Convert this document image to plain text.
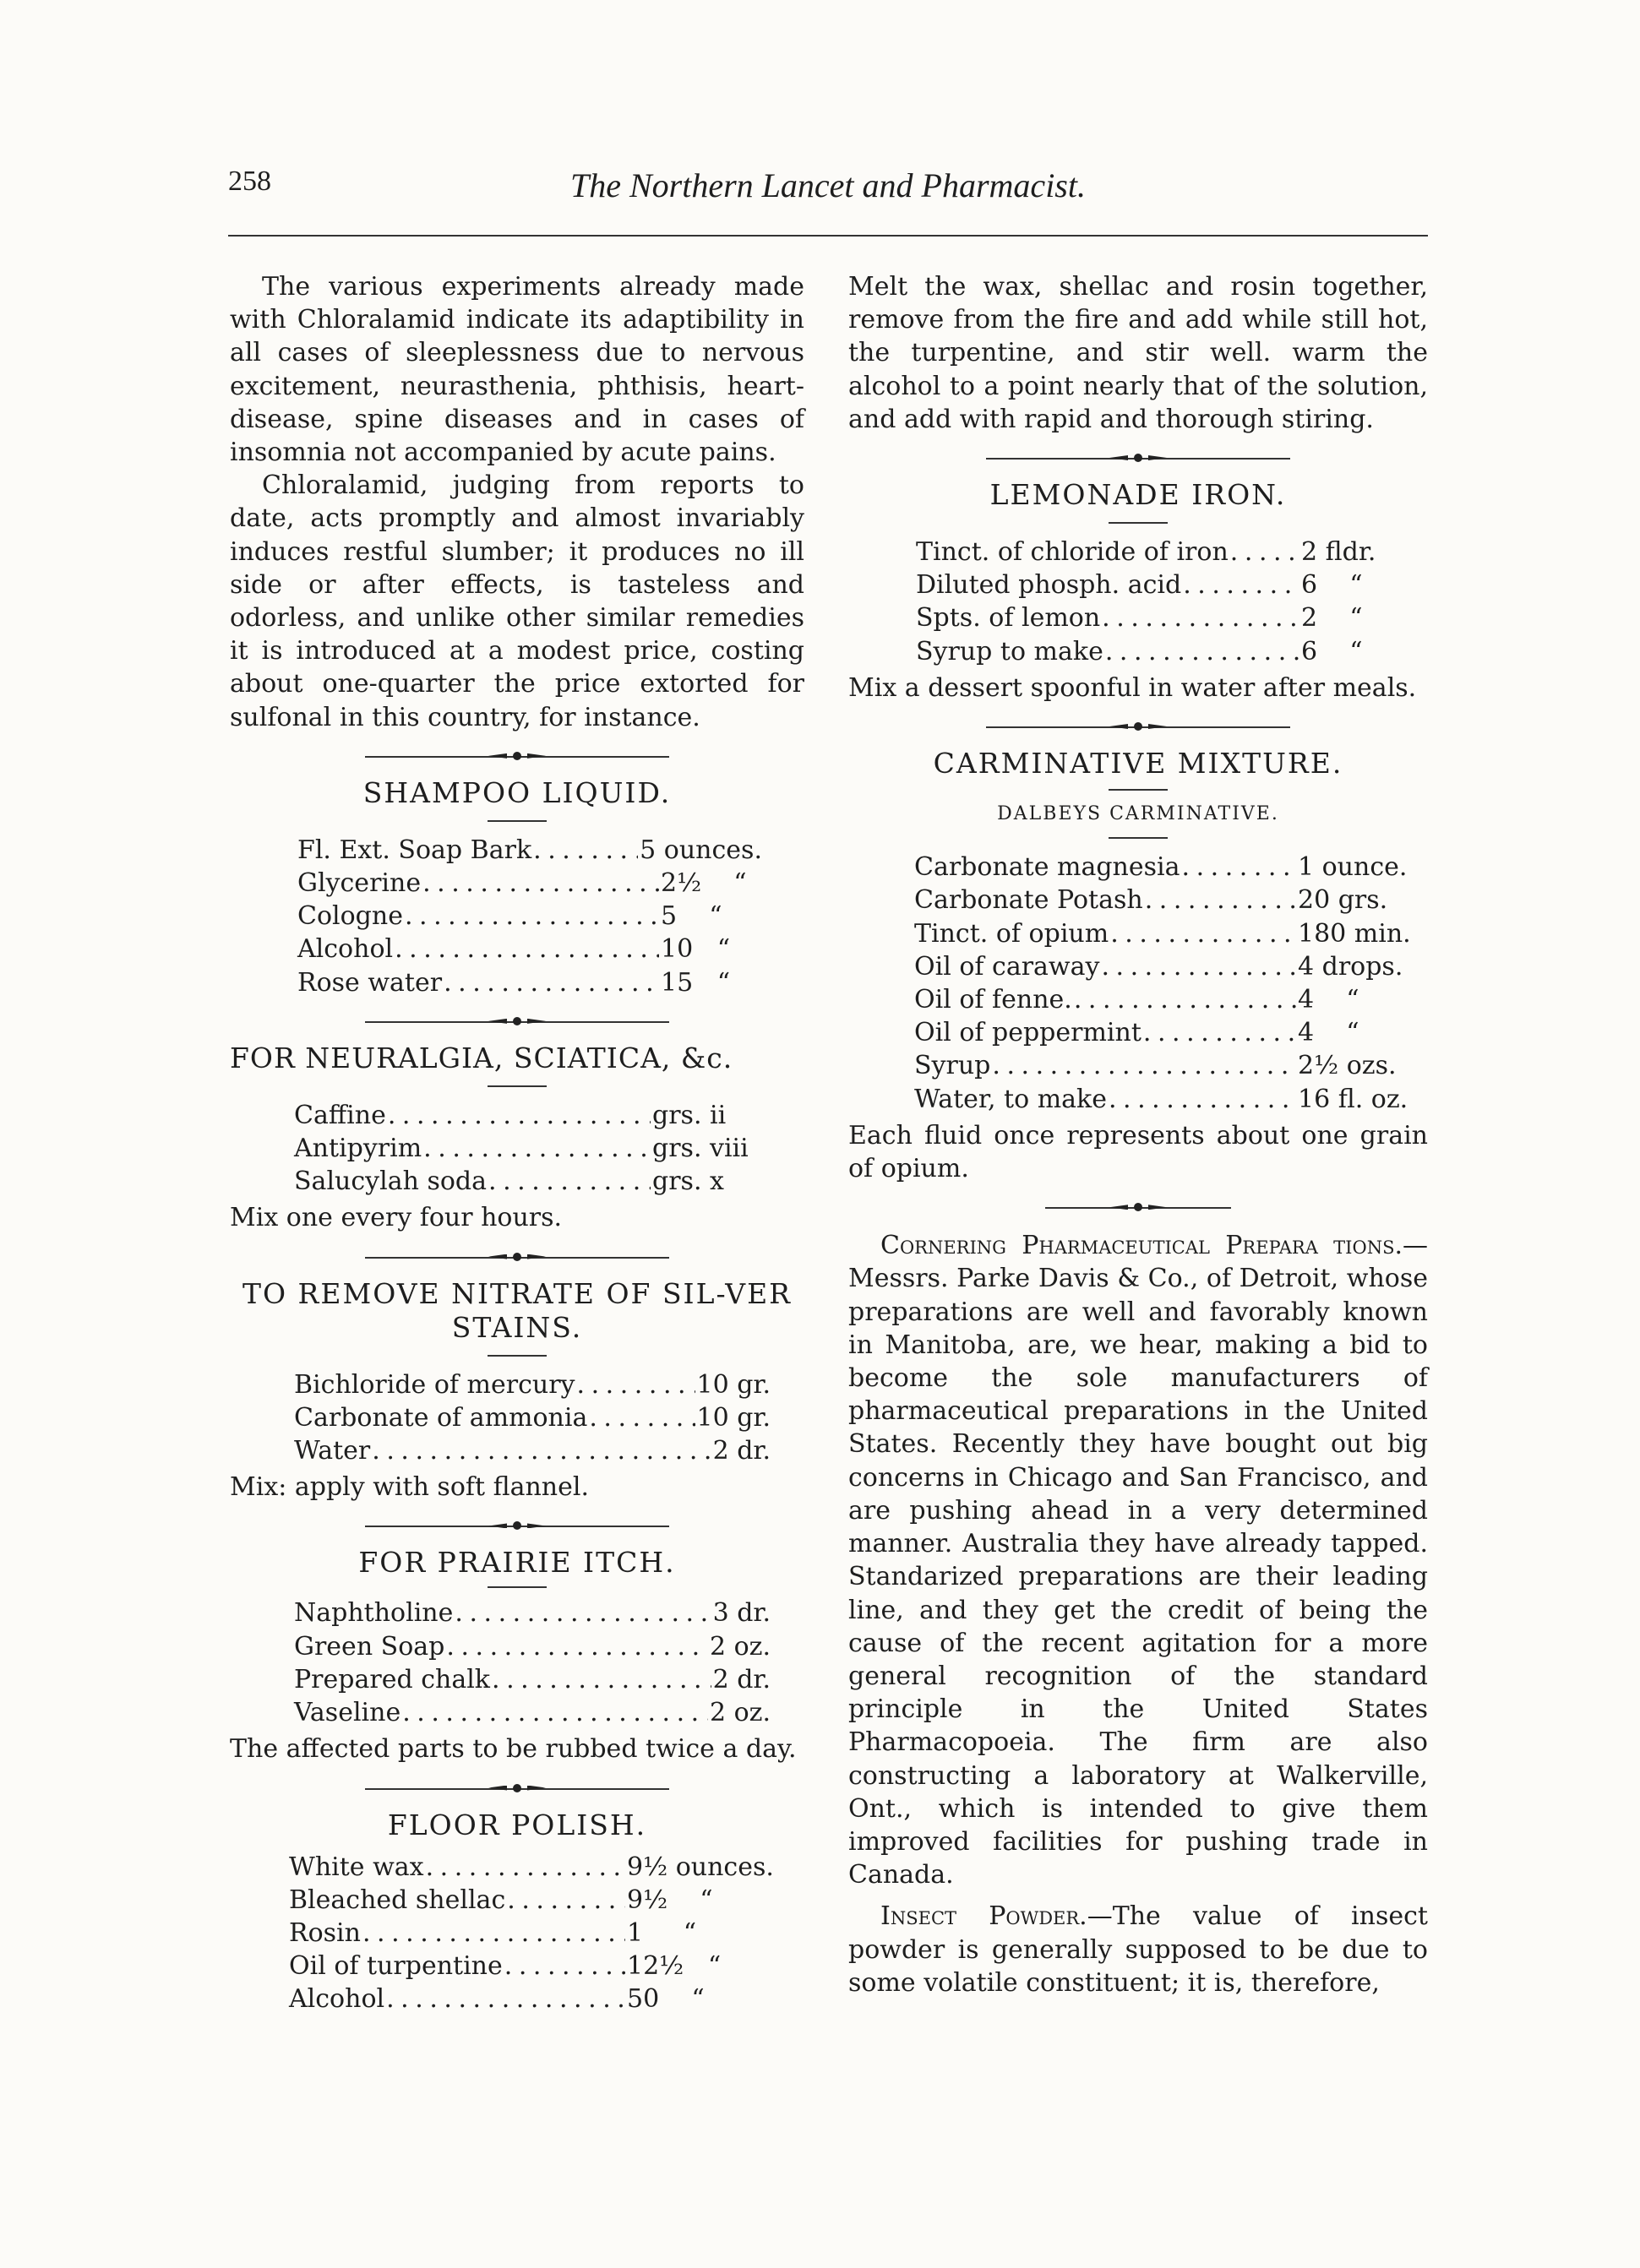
258	The Northern Lancet and Pharmacist.

The various experiments already made with Chloralamid indicate its adaptibility in all cases of sleeplessness due to nervous excitement, neurasthenia, phthisis, heart-disease, spine diseases and in cases of insomnia not accompanied by acute pains.

Chloralamid, judging from reports to date, acts promptly and almost invariably induces restful slumber; it produces no ill side or after effects, is tasteless and odorless, and unlike other similar remedies it is introduced at a modest price, costing about one-quarter the price extorted for sulfonal in this country, for instance.

SHAMPOO LIQUID.
Fl. Ext. Soap Bark . . .	5 ounces.
Glycerine . . .	2½    “
Cologne . . .	5    “
Alcohol . . .	10   “
Rose water . . .	15   “
FOR NEURALGIA, SCIATICA, &c.
Caffine . . .	grs. ii
Antipyrim . . .	grs. viii
Salucylah soda . . .	grs. x

Mix one every four hours.

TO REMOVE NITRATE OF SIL-VER STAINS.
Bichloride of mercury . . .	10 gr.
Carbonate of ammonia . . .	10 gr.
Water . . .	2 dr.

Mix: apply with soft flannel.

FOR PRAIRIE ITCH.
Naphtholine . . .	3 dr.
Green Soap . . .	2 oz.
Prepared chalk . . .	2 dr.
Vaseline . . .	2 oz.

The affected parts to be rubbed twice a day.

FLOOR POLISH.
White wax . . .	9½ ounces.
Bleached shellac . . .	9½    “
Rosin . . .	1     “
Oil of turpentine . . .	12½   “
Alcohol . . .	50    “

Melt the wax, shellac and rosin together, remove from the fire and add while still hot, the turpentine, and stir well. warm the alcohol to a point nearly that of the solution, and add with rapid and thorough stiring.

LEMONADE IRON.
Tinct. of chloride of iron . . .	2 fldr.
Diluted phosph. acid . . .	6    “
Spts. of lemon . . .	2    “
Syrup to make . . .	6    “

Mix a dessert spoonful in water after meals.

CARMINATIVE MIXTURE.
DALBEYS CARMINATIVE.
Carbonate magnesia . . .	1 ounce.
Carbonate Potash . . .	20 grs.
Tinct. of opium . . .	180 min.
Oil of caraway . . .	4 drops.
Oil of fenne. . . .	4    “
Oil of peppermint . . .	4    “
Syrup . . .	2½ ozs.
Water, to make . . .	16 fl. oz.

Each fluid once represents about one grain of opium.

Cornering Pharmaceutical Prepara tions.—Messrs. Parke Davis & Co., of Detroit, whose preparations are well and favorably known in Manitoba, are, we hear, making a bid to become the sole manufacturers of pharmaceutical preparations in the United States. Recently they have bought out big concerns in Chicago and San Francisco, and are pushing ahead in a very determined manner. Australia they have already tapped. Standarized preparations are their leading line, and they get the credit of being the cause of the recent agitation for a more general recognition of the standard principle in the United States Pharmacopoeia. The firm are also constructing a laboratory at Walkerville, Ont., which is intended to give them improved facilities for pushing trade in Canada.

Insect Powder.—The value of insect powder is generally supposed to be due to some volatile constituent; it is, therefore,
